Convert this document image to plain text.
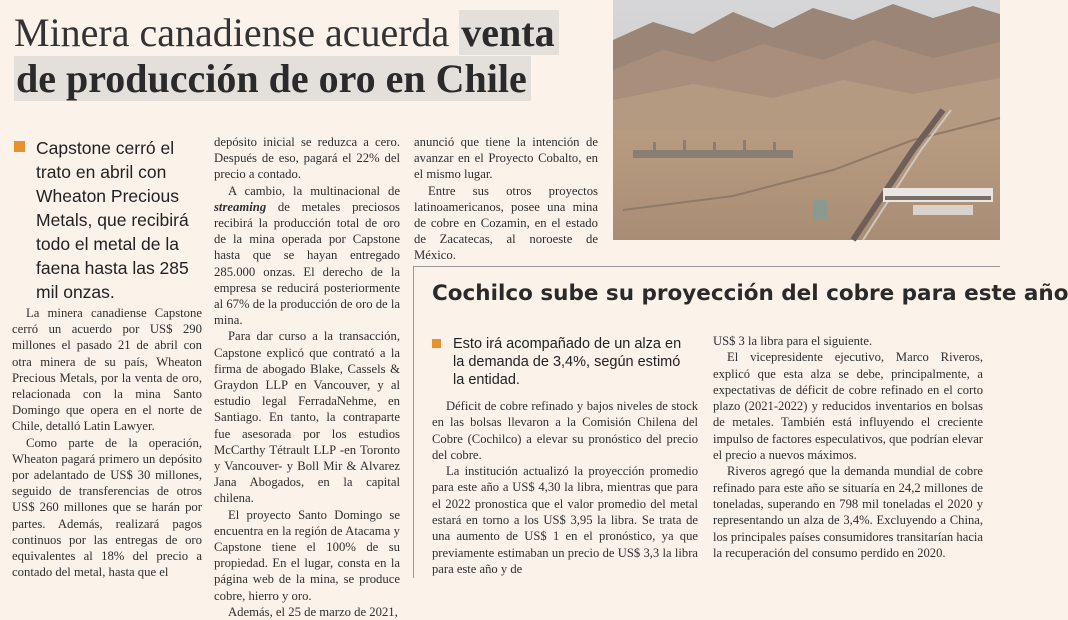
Minera canadiense acuerda venta
de producción de oro en Chile
Capstone cerró el trato en abril con Wheaton Precious Metals, que recibirá todo el metal de la faena hasta las 285 mil onzas.

La minera canadiense Capstone cerró un acuerdo por US$ 290 millones el pasado 21 de abril con otra minera de su país, Wheaton Precious Metals, por la venta de oro, relacionada con la mina Santo Domingo que opera en el norte de Chile, detalló Latin Lawyer.

Como parte de la operación, Wheaton pagará primero un depósito por adelantado de US$ 30 millones, seguido de transferencias de otros US$ 260 millones que se harán por partes. Además, realizará pagos continuos por las entregas de oro equivalentes al 18% del precio a contado del metal, hasta que el

depósito inicial se reduzca a cero. Después de eso, pagará el 22% del precio a contado.

A cambio, la multinacional de streaming de metales preciosos recibirá la producción total de oro de la mina operada por Capstone hasta que se hayan entregado 285.000 onzas. El derecho de la empresa se reducirá posteriormente al 67% de la producción de oro de la mina.

Para dar curso a la transacción, Capstone explicó que contrató a la firma de abogado Blake, Cassels & Graydon LLP en Vancouver, y al estudio legal FerradaNehme, en Santiago. En tanto, la contraparte fue asesorada por los estudios McCarthy Tétrault LLP -en Toronto y Vancouver- y Boll Mir & Alvarez Jana Abogados, en la capital chilena.

El proyecto Santo Domingo se encuentra en la región de Atacama y Capstone tiene el 100% de su propiedad. En el lugar, consta en la página web de la mina, se produce cobre, hierro y oro.

Además, el 25 de marzo de 2021,

anunció que tiene la intención de avanzar en el Proyecto Cobalto, en el mismo lugar.

Entre sus otros proyectos latinoamericanos, posee una mina de cobre en Cozamin, en el estado de Zacatecas, al noroeste de México.

Cochilco sube su proyección del cobre para este año
Esto irá acompañado de un alza en la demanda de 3,4%, según estimó la entidad.

Déficit de cobre refinado y bajos niveles de stock en las bolsas llevaron a la Comisión Chilena del Cobre (Cochilco) a elevar su pronóstico del precio del cobre.

La institución actualizó la proyección promedio para este año a US$ 4,30 la libra, mientras que para el 2022 pronostica que el valor promedio del metal estará en torno a los US$ 3,95 la libra. Se trata de una aumento de US$ 1 en el pronóstico, ya que previamente estimaban un precio de US$ 3,3 la libra para este año y de

US$ 3 la libra para el siguiente.

El vicepresidente ejecutivo, Marco Riveros, explicó que esta alza se debe, principalmente, a expectativas de déficit de cobre refinado en el corto plazo (2021-2022) y reducidos inventarios en bolsas de metales. También está influyendo el creciente impulso de factores especulativos, que podrían elevar el precio a nuevos máximos.

Riveros agregó que la demanda mundial de cobre refinado para este año se situaría en 24,2 millones de toneladas, superando en 798 mil toneladas el 2020 y representando un alza de 3,4%. Excluyendo a China, los principales países consumidores transitarían hacia la recuperación del consumo perdido en 2020.
